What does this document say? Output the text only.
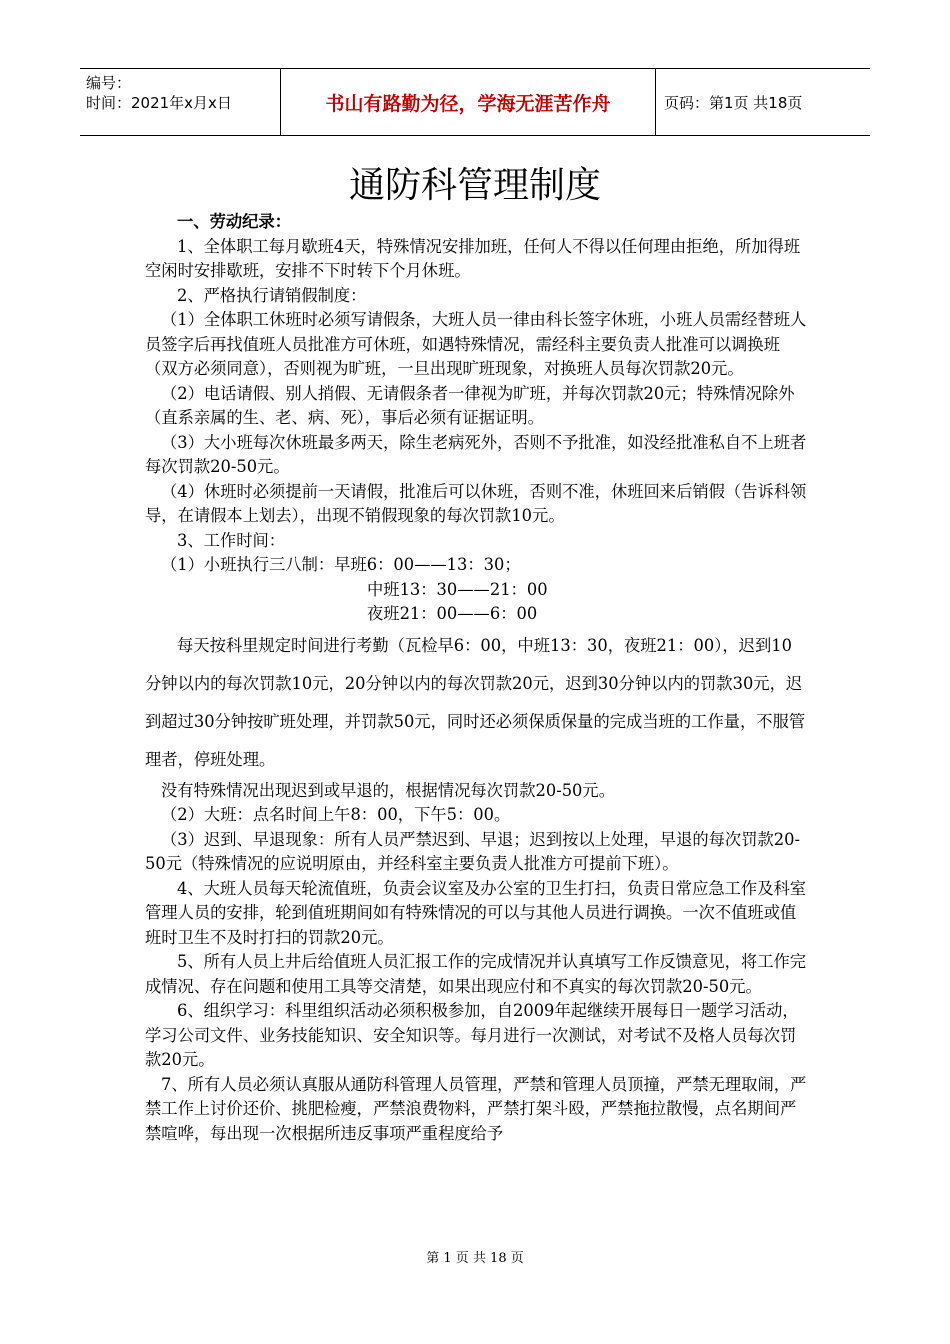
编号：
时间：2021年x月x日	书山有路勤为径，学海无涯苦作舟	页码：第1页 共18页
通防科管理制度

一、劳动纪录：

1、全体职工每月歇班4天，特殊情况安排加班，任何人不得以任何理由拒绝，所加得班空闲时安排歇班，安排不下时转下个月休班。

2、严格执行请销假制度：

（1）全体职工休班时必须写请假条，大班人员一律由科长签字休班，小班人员需经替班人员签字后再找值班人员批准方可休班，如遇特殊情况，需经科主要负责人批准可以调换班（双方必须同意），否则视为旷班，一旦出现旷班现象，对换班人员每次罚款20元。

（2）电话请假、别人捎假、无请假条者一律视为旷班，并每次罚款20元；特殊情况除外（直系亲属的生、老、病、死），事后必须有证据证明。

（3）大小班每次休班最多两天，除生老病死外，否则不予批准，如没经批准私自不上班者每次罚款20-50元。

（4）休班时必须提前一天请假，批准后可以休班，否则不准，休班回来后销假（告诉科领导，在请假本上划去），出现不销假现象的每次罚款10元。

3、工作时间：

（1）小班执行三八制：早班6：00——13：30；

中班13：30——21：00

夜班21：00——6：00

每天按科里规定时间进行考勤（瓦检早6：00，中班13：30，夜班21：00），迟到10分钟以内的每次罚款10元，20分钟以内的每次罚款20元，迟到30分钟以内的罚款30元，迟到超过30分钟按旷班处理，并罚款50元，同时还必须保质保量的完成当班的工作量，不服管理者，停班处理。

没有特殊情况出现迟到或早退的，根据情况每次罚款20-50元。

（2）大班：点名时间上午8：00，下午5：00。

（3）迟到、早退现象：所有人员严禁迟到、早退；迟到按以上处理，早退的每次罚款20-50元（特殊情况的应说明原由，并经科室主要负责人批准方可提前下班）。

4、大班人员每天轮流值班，负责会议室及办公室的卫生打扫，负责日常应急工作及科室管理人员的安排，轮到值班期间如有特殊情况的可以与其他人员进行调换。一次不值班或值班时卫生不及时打扫的罚款20元。

5、所有人员上井后给值班人员汇报工作的完成情况并认真填写工作反馈意见，将工作完成情况、存在问题和使用工具等交清楚，如果出现应付和不真实的每次罚款20-50元。

6、组织学习：科里组织活动必须积极参加，自2009年起继续开展每日一题学习活动，学习公司文件、业务技能知识、安全知识等。每月进行一次测试，对考试不及格人员每次罚款20元。

7、所有人员必须认真服从通防科管理人员管理，严禁和管理人员顶撞，严禁无理取闹，严禁工作上讨价还价、挑肥检瘦，严禁浪费物料，严禁打架斗殴，严禁拖拉散慢，点名期间严禁喧哗，每出现一次根据所违反事项严重程度给予

第 1 页 共 18 页
